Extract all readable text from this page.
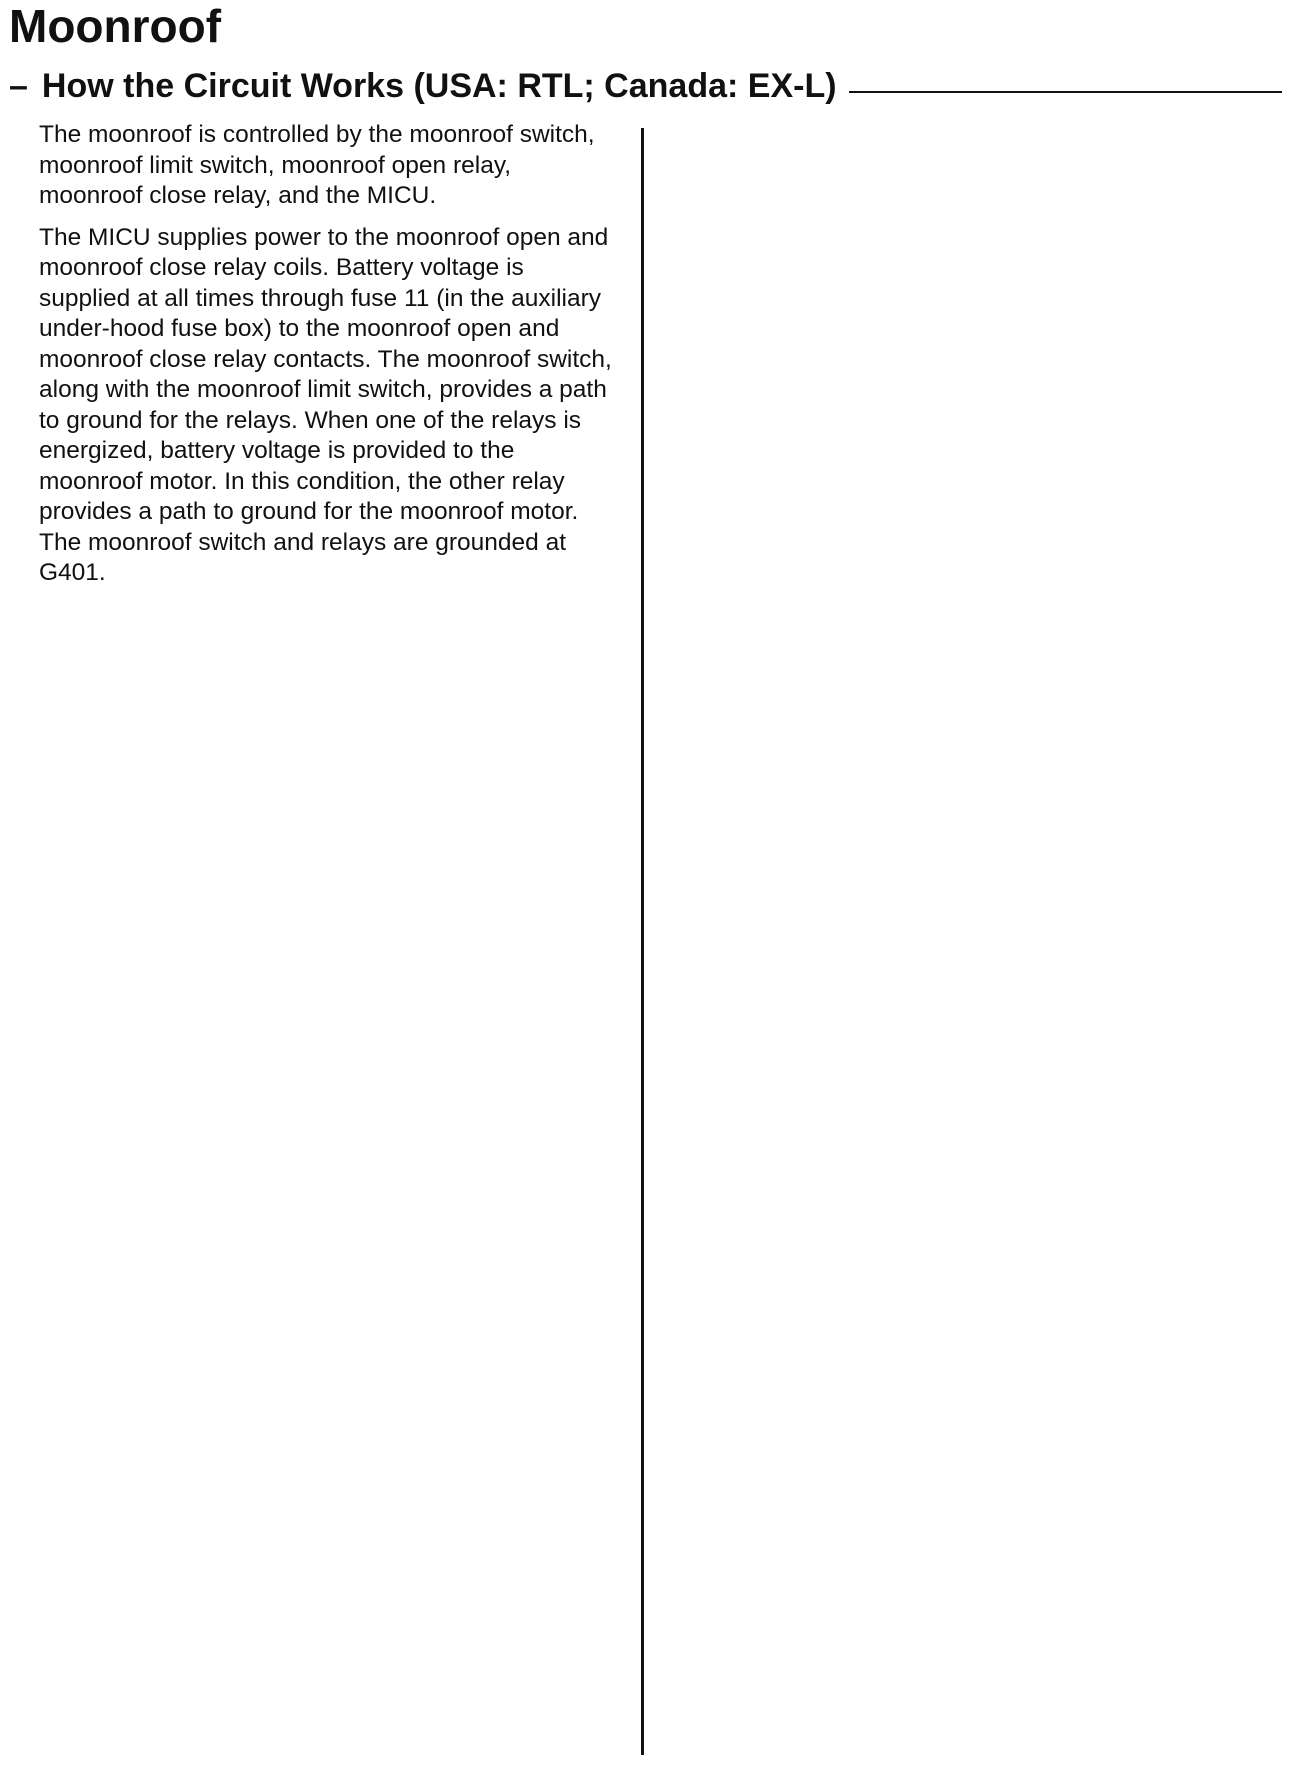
Moonroof
– How the Circuit Works (USA: RTL; Canada: EX-L)

The moonroof is controlled by the moonroof switch, moonroof limit switch, moonroof open relay, moonroof close relay, and the MICU.

The MICU supplies power to the moonroof open and moonroof close relay coils. Battery voltage is supplied at all times through fuse 11 (in the auxiliary under-hood fuse box) to the moonroof open and moonroof close relay contacts. The moonroof switch, along with the moonroof limit switch, provides a path to ground for the relays. When one of the relays is energized, battery voltage is provided to the moonroof motor. In this condition, the other relay provides a path to ground for the moonroof motor. The moonroof switch and relays are grounded at G401.
